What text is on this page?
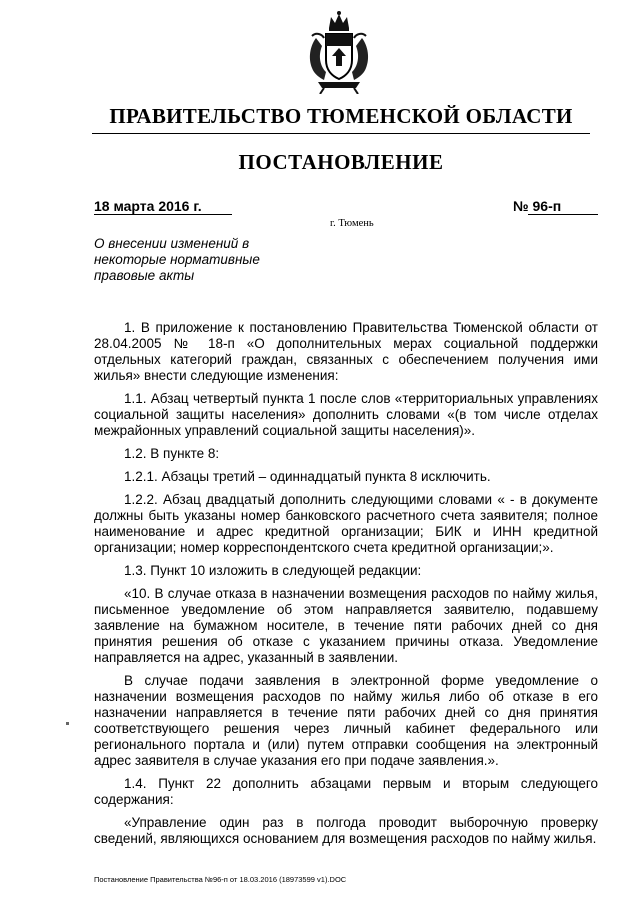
ПРАВИТЕЛЬСТВО ТЮМЕНСКОЙ ОБЛАСТИ
ПОСТАНОВЛЕНИЕ
18 марта 2016 г.	№ 96-п
г. Тюмень
О внесении изменений в некоторые нормативные правовые акты

1. В приложение к постановлению Правительства Тюменской области от 28.04.2005 № 18-п «О дополнительных мерах социальной поддержки отдельных категорий граждан, связанных с обеспечением получения ими жилья» внести следующие изменения:

1.1. Абзац четвертый пункта 1 после слов «территориальных управлениях социальной защиты населения» дополнить словами «(в том числе отделах межрайонных управлений социальной защиты населения)».

1.2. В пункте 8:

1.2.1. Абзацы третий – одиннадцатый пункта 8 исключить.

1.2.2. Абзац двадцатый дополнить следующими словами « - в документе должны быть указаны номер банковского расчетного счета заявителя; полное наименование и адрес кредитной организации; БИК и ИНН кредитной организации; номер корреспондентского счета кредитной организации;».

1.3. Пункт 10 изложить в следующей редакции:

«10. В случае отказа в назначении возмещения расходов по найму жилья, письменное уведомление об этом направляется заявителю, подавшему заявление на бумажном носителе, в течение пяти рабочих дней со дня принятия решения об отказе с указанием причины отказа. Уведомление направляется на адрес, указанный в заявлении.

В случае подачи заявления в электронной форме уведомление о назначении возмещения расходов по найму жилья либо об отказе в его назначении направляется в течение пяти рабочих дней со дня принятия соответствующего решения через личный кабинет федерального или регионального портала и (или) путем отправки сообщения на электронный адрес заявителя в случае указания его при подаче заявления.».

1.4. Пункт 22 дополнить абзацами первым и вторым следующего содержания:

«Управление один раз в полгода проводит выборочную проверку сведений, являющихся основанием для возмещения расходов по найму жилья.

Постановление Правительства №96-п от 18.03.2016 (18973599 v1).DOC
